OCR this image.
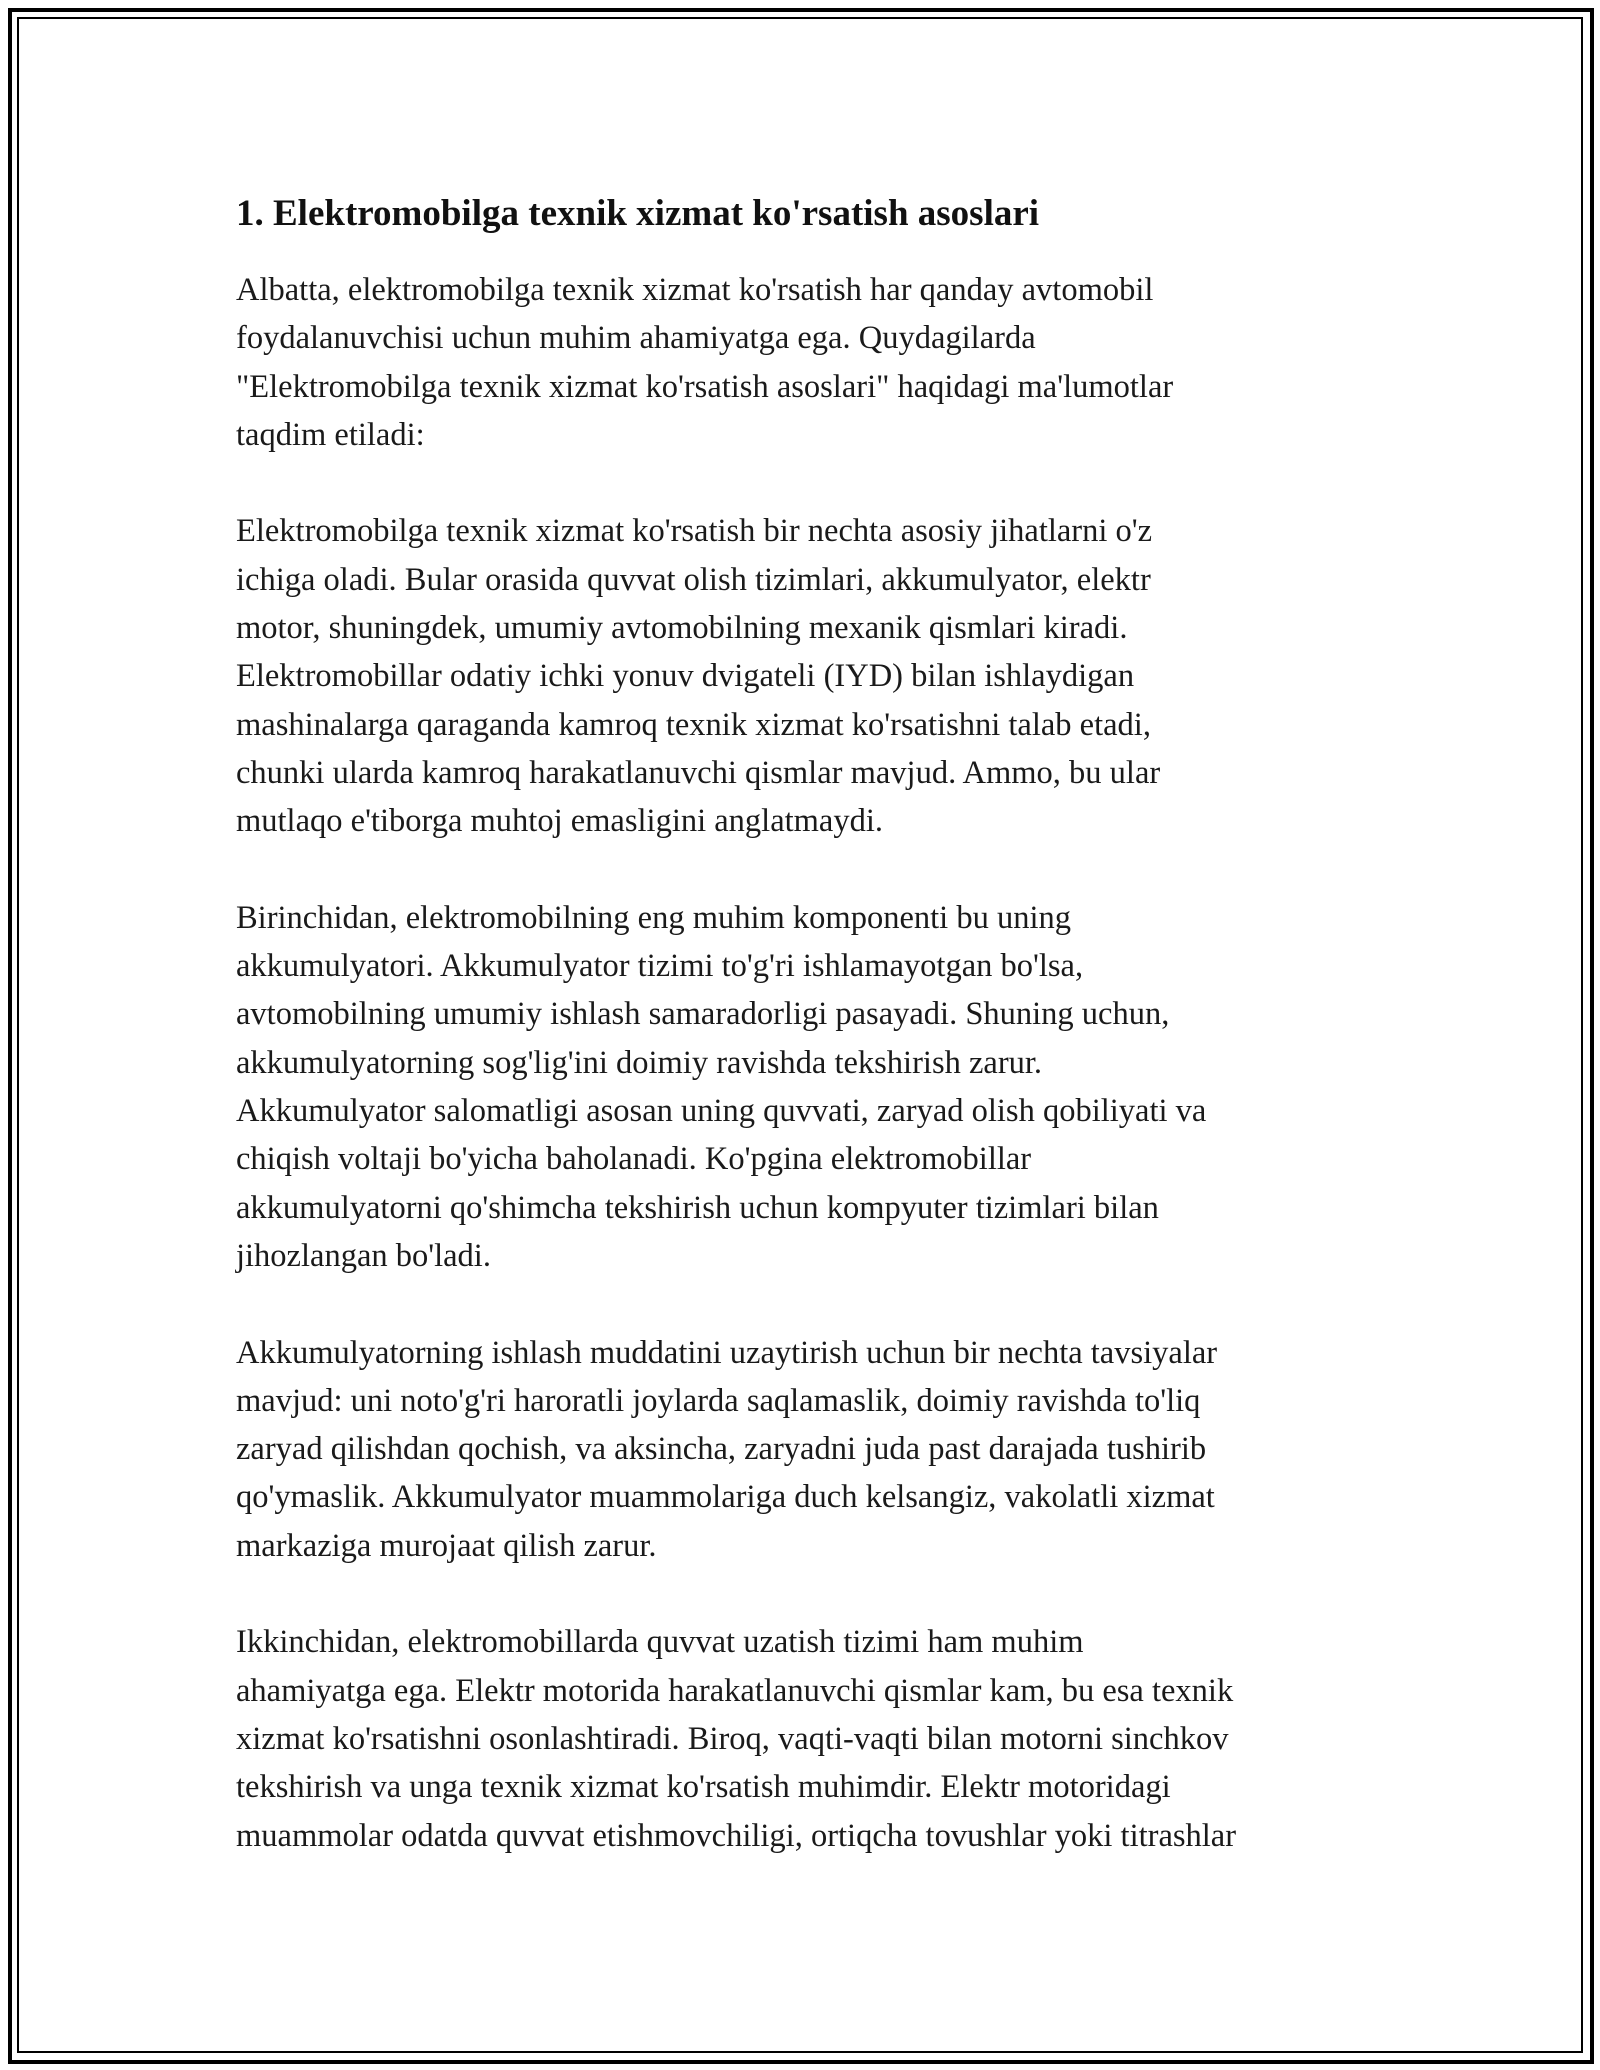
1. Elektromobilga texnik xizmat ko'rsatish asoslari

Albatta, elektromobilga texnik xizmat ko'rsatish har qanday avtomobil
foydalanuvchisi uchun muhim ahamiyatga ega. Quydagilarda
"Elektromobilga texnik xizmat ko'rsatish asoslari" haqidagi ma'lumotlar
taqdim etiladi:

Elektromobilga texnik xizmat ko'rsatish bir nechta asosiy jihatlarni o'z
ichiga oladi. Bular orasida quvvat olish tizimlari, akkumulyator, elektr
motor, shuningdek, umumiy avtomobilning mexanik qismlari kiradi.
Elektromobillar odatiy ichki yonuv dvigateli (IYD) bilan ishlaydigan
mashinalarga qaraganda kamroq texnik xizmat ko'rsatishni talab etadi,
chunki ularda kamroq harakatlanuvchi qismlar mavjud. Ammo, bu ular
mutlaqo e'tiborga muhtoj emasligini anglatmaydi.

Birinchidan, elektromobilning eng muhim komponenti bu uning
akkumulyatori. Akkumulyator tizimi to'g'ri ishlamayotgan bo'lsa,
avtomobilning umumiy ishlash samaradorligi pasayadi. Shuning uchun,
akkumulyatorning sog'lig'ini doimiy ravishda tekshirish zarur.
Akkumulyator salomatligi asosan uning quvvati, zaryad olish qobiliyati va
chiqish voltaji bo'yicha baholanadi. Ko'pgina elektromobillar
akkumulyatorni qo'shimcha tekshirish uchun kompyuter tizimlari bilan
jihozlangan bo'ladi.

Akkumulyatorning ishlash muddatini uzaytirish uchun bir nechta tavsiyalar
mavjud: uni noto'g'ri haroratli joylarda saqlamaslik, doimiy ravishda to'liq
zaryad qilishdan qochish, va aksincha, zaryadni juda past darajada tushirib
qo'ymaslik. Akkumulyator muammolariga duch kelsangiz, vakolatli xizmat
markaziga murojaat qilish zarur.

Ikkinchidan, elektromobillarda quvvat uzatish tizimi ham muhim
ahamiyatga ega. Elektr motorida harakatlanuvchi qismlar kam, bu esa texnik
xizmat ko'rsatishni osonlashtiradi. Biroq, vaqti-vaqti bilan motorni sinchkov
tekshirish va unga texnik xizmat ko'rsatish muhimdir. Elektr motoridagi
muammolar odatda quvvat etishmovchiligi, ortiqcha tovushlar yoki titrashlar
